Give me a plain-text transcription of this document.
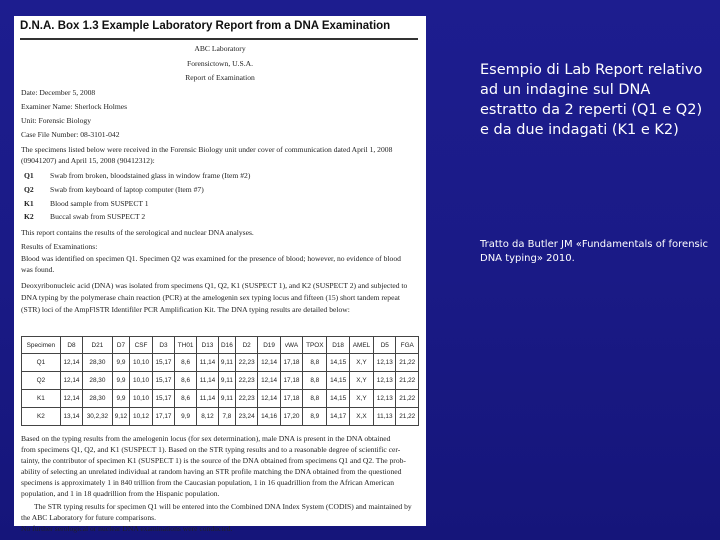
D.N.A. Box 1.3 Example Laboratory Report from a DNA Examination
ABC Laboratory
Forensictown, U.S.A.
Report of Examination
Date: December 5, 2008
Examiner Name: Sherlock Holmes
Unit: Forensic Biology
Case File Number: 08-3101-042
The specimens listed below were received in the Forensic Biology unit under cover of communication dated April 1, 2008
(09041207) and April 15, 2008 (90412312):
Q1 Swab from broken, bloodstained glass in window frame (Item #2)
Q2 Swab from keyboard of laptop computer (Item #7)
K1 Blood sample from SUSPECT 1
K2 Buccal swab from SUSPECT 2
This report contains the results of the serological and nuclear DNA analyses.
Results of Examinations:
Blood was identified on specimen Q1. Specimen Q2 was examined for the presence of blood; however, no evidence of blood
was found.
Deoxyribonucleic acid (DNA) was isolated from specimens Q1, Q2, K1 (SUSPECT 1), and K2 (SUSPECT 2) and subjected to
DNA typing by the polymerase chain reaction (PCR) at the amelogenin sex typing locus and fifteen (15) short tandem repeat
(STR) loci of the AmpFlSTR Identifiler PCR Amplification Kit. The DNA typing results are detailed below:
Specimen	D8	D21	D7	CSF	D3	TH01	D13	D16	D2	D19	vWA	TPOX	D18	AMEL	D5	FGA
Q1	12,14	28,30	9,9	10,10	15,17	8,6	11,14	9,11	22,23	12,14	17,18	8,8	14,15	X,Y	12,13	21,22
Q2	12,14	28,30	9,9	10,10	15,17	8,6	11,14	9,11	22,23	12,14	17,18	8,8	14,15	X,Y	12,13	21,22
K1	12,14	28,30	9,9	10,10	15,17	8,6	11,14	9,11	22,23	12,14	17,18	8,8	14,15	X,Y	12,13	21,22
K2	13,14	30,2,32	9,12	10,12	17,17	9,9	8,12	7,8	23,24	14,16	17,20	8,9	14,17	X,X	11,13	21,22
Based on the typing results from the amelogenin locus (for sex determination), male DNA is present in the DNA obtained
from specimens Q1, Q2, and K1 (SUSPECT 1). Based on the STR typing results and to a reasonable degree of scientific cer-
tainty, the contributor of specimen K1 (SUSPECT 1) is the source of the DNA obtained from specimens Q1 and Q2. The prob-
ability of selecting an unrelated individual at random having an STR profile matching the DNA obtained from the questioned
specimens is approximately 1 in 840 trillion from the Caucasian population, 1 in 16 quadrillion from the African American
population, and 1 in 18 quadrillion from the Hispanic population.
The STR typing results for specimen Q1 will be entered into the Combined DNA Index System (CODIS) and maintained by
the ABC Laboratory for future comparisons.
No further serological or nuclear DNA examinations were conducted.
Esempio di Lab Report relativo ad un indagine sul DNA estratto da 2 reperti (Q1 e Q2) e da due indagati (K1 e K2)
Tratto da Butler JM «Fundamentals of forensic DNA typing» 2010.
